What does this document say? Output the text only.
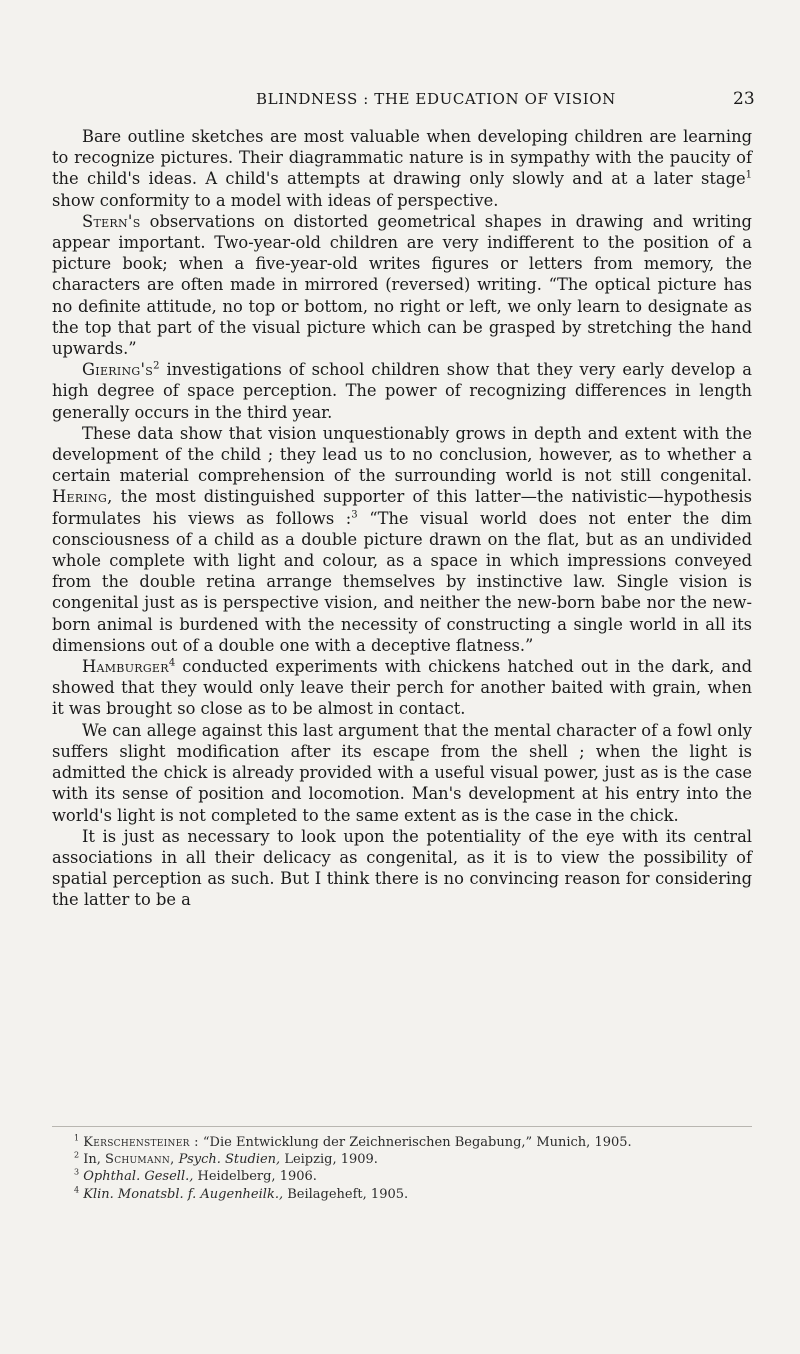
BLINDNESS : THE EDUCATION OF VISION	23

Bare outline sketches are most valuable when developing children are learning to recognize pictures. Their diagrammatic nature is in sympathy with the paucity of the child's ideas. A child's attempts at drawing only slowly and at a later stage$^1$ show conformity to a model with ideas of perspective.

Stern's observations on distorted geometrical shapes in drawing and writing appear important. Two-year-old children are very indifferent to the position of a picture book; when a five-year-old writes figures or letters from memory, the characters are often made in mirrored (reversed) writing. “The optical picture has no definite attitude, no top or bottom, no right or left, we only learn to designate as the top that part of the visual picture which can be grasped by stretching the hand upwards.”

$Giering's^2$ investigations of school children show that they very early develop a high degree of space perception. The power of recognizing differences in length generally occurs in the third year.

These data show that vision unquestionably grows in depth and extent with the development of the child ; they lead us to no conclusion, however, as to whether a certain material comprehension of the surrounding world is not still congenital. Hering, the most distinguished supporter of this latter—the nativistic—hypothesis formulates his views as follows :$^3$ “The visual world does not enter the dim consciousness of a child as a double picture drawn on the flat, but as an undivided whole complete with light and colour, as a space in which impressions conveyed from the double retina arrange themselves by instinctive law. Single vision is congenital just as is perspective vision, and neither the new-born babe nor the new-born animal is burdened with the necessity of constructing a single world in all its dimensions out of a double one with a deceptive flatness.”

Hamburger$^4$ conducted experiments with chickens hatched out in the dark, and showed that they would only leave their perch for another baited with grain, when it was brought so close as to be almost in contact.

We can allege against this last argument that the mental character of a fowl only suffers slight modification after its escape from the shell ; when the light is admitted the chick is already provided with a useful visual power, just as is the case with its sense of position and locomotion. Man's development at his entry into the world's light is not completed to the same extent as is the case in the chick.

It is just as necessary to look upon the potentiality of the eye with its central associations in all their delicacy as congenital, as it is to view the possibility of spatial perception as such. But I think there is no convincing reason for considering the latter to be a

$^1$ Kerschensteiner : “Die Entwicklung der Zeichnerischen Begabung,” Munich, 1905.

$^2$ In, Schumann, Psych. Studien, Leipzig, 1909.

$^3$ Ophthal. Gesell., Heidelberg, 1906.

$^4$ Klin. Monatsbl. f. Augenheilk., Beilageheft, 1905.
